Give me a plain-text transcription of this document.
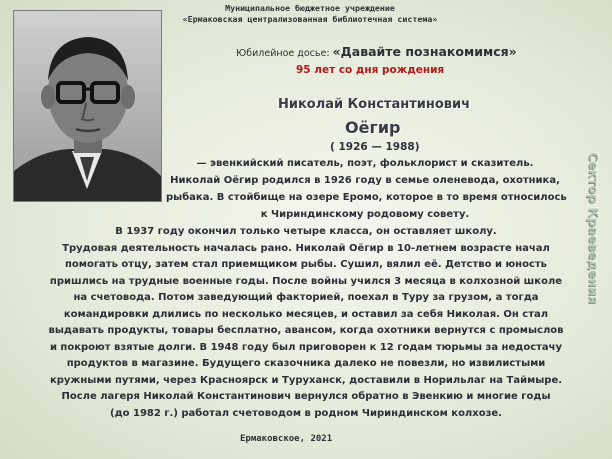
Муниципальное бюджетное учреждение
«Ермаковская централизованная библиотечная система»
Юбилейное досье: «Давайте познакомимся»
95 лет со дня рождения
Николай Константинович
Оёгир
( 1926 — 1988)

— эвенкийский писатель, поэт, фольклорист и сказитель.

Николай Оёгир родился в 1926 году в семье оленевода, охотника,

рыбака. В стойбище на озере Еромо, которое в то время относилось

к Чириндинскому родовому совету.

В 1937 году окончил только четыре класса, он оставляет школу.

Трудовая деятельность началась рано. Николай Оёгир в 10-летнем возрасте начал

помогать отцу, затем стал приемщиком рыбы. Сушил, вялил её. Детство и юность

пришлись на трудные военные годы. После войны учился 3 месяца в колхозной школе

на счетовода. Потом заведующий факторией, поехал в Туру за грузом, а тогда

командировки длились по несколько месяцев, и оставил за себя Николая. Он стал

выдавать продукты, товары бесплатно, авансом, когда охотники вернутся с промыслов

и покроют взятые долги. В 1948 году был приговорен к 12 годам тюрьмы за недостачу

продуктов в магазине. Будущего сказочника далеко не повезли, но извилистыми

кружными путями, через Красноярск и Туруханск, доставили в Норильлаг на Таймыре.

После лагеря Николай Константинович вернулся обратно в Эвенкию и многие годы

(до 1982 г.) работал счетоводом в родном Чириндинском колхозе.

Сектор Краеведения
Ермаковское, 2021
